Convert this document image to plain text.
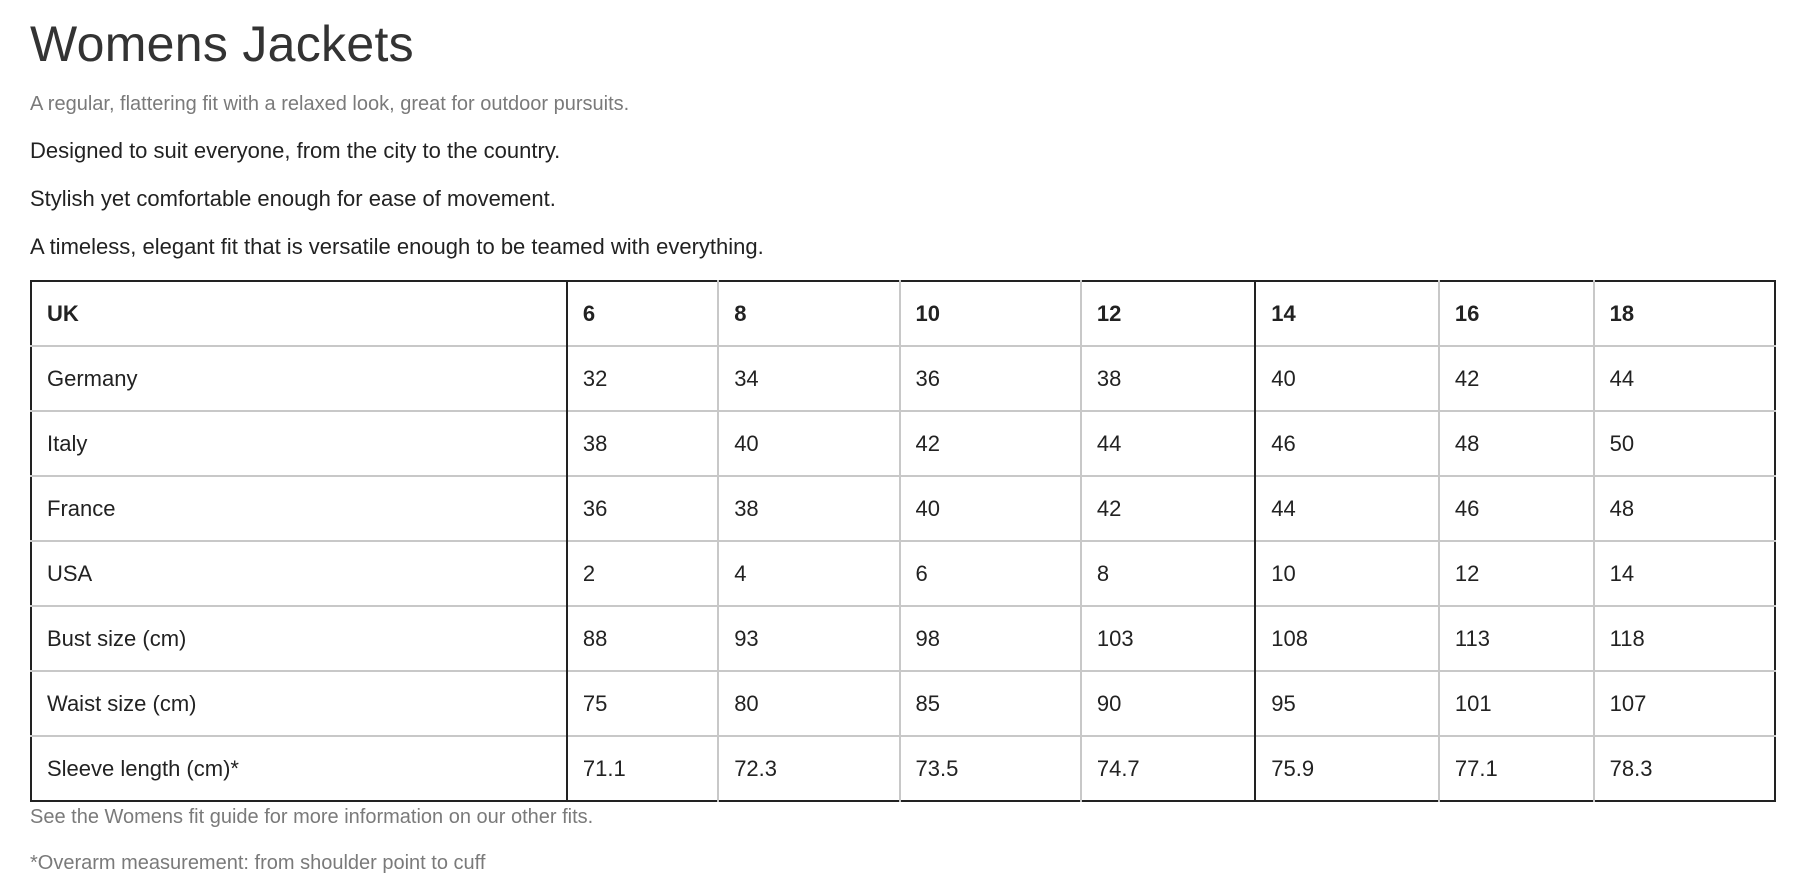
Womens Jackets

A regular, flattering fit with a relaxed look, great for outdoor pursuits.

Designed to suit everyone, from the city to the country.

Stylish yet comfortable enough for ease of movement.

A timeless, elegant fit that is versatile enough to be teamed with everything.

UK	6	8	10	12	14	16	18
Germany	32	34	36	38	40	42	44
Italy	38	40	42	44	46	48	50
France	36	38	40	42	44	46	48
USA	2	4	6	8	10	12	14
Bust size (cm)	88	93	98	103	108	113	118
Waist size (cm)	75	80	85	90	95	101	107
Sleeve length (cm)*	71.1	72.3	73.5	74.7	75.9	77.1	78.3

See the Womens fit guide for more information on our other fits.

*Overarm measurement: from shoulder point to cuff
